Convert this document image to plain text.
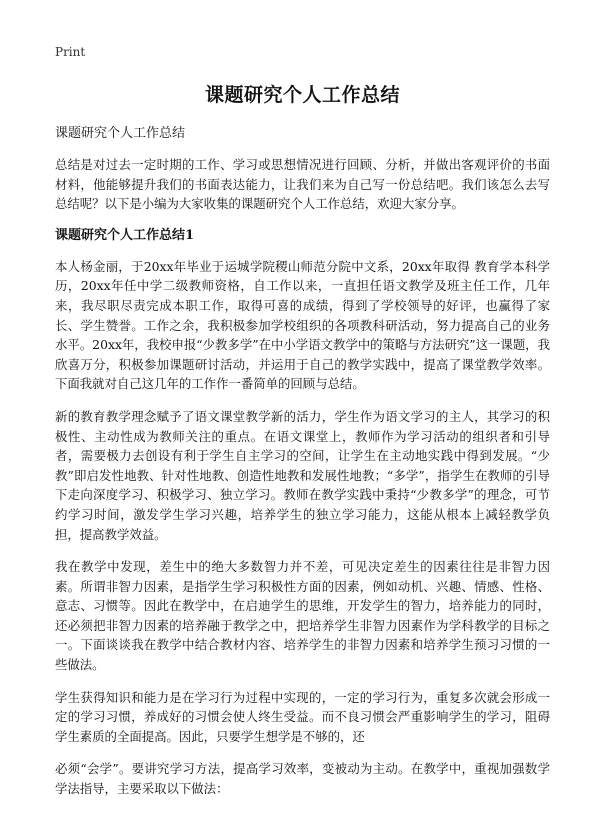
Print
课题研究个人工作总结
课题研究个人工作总结

总结是对过去一定时期的工作、学习或思想情况进行回顾、分析，并做出客观评价的书面材料，他能够提升我们的书面表达能力，让我们来为自己写一份总结吧。我们该怎么去写总结呢？以下是小编为大家收集的课题研究个人工作总结，欢迎大家分享。

课题研究个人工作总结1

本人杨金丽，于20xx年毕业于运城学院稷山师范分院中文系，20xx年取得 教育学本科学历，20xx年任中学二级教师资格，自工作以来，一直担任语文教学及班主任工作，几年来，我尽职尽责完成本职工作，取得可喜的成绩，得到了学校领导的好评，也赢得了家长、学生赞誉。工作之余，我积极参加学校组织的各项教科研活动，努力提高自己的业务水平。20xx年，我校申报“少教多学”在中小学语文教学中的策略与方法研究”这一课题，我欣喜万分，积极参加课题研讨活动，并运用于自己的教学实践中，提高了课堂教学效率。下面我就对自己这几年的工作作一番简单的回顾与总结。

新的教育教学理念赋予了语文课堂教学新的活力，学生作为语文学习的主人，其学习的积极性、主动性成为教师关注的重点。在语文课堂上，教师作为学习活动的组织者和引导者，需要极力去创设有利于学生自主学习的空间，让学生在主动地实践中得到发展。“少教”即启发性地教、针对性地教、创造性地教和发展性地教；“多学”，指学生在教师的引导下走向深度学习、积极学习、独立学习。教师在教学实践中秉持“少教多学”的理念，可节约学习时间，激发学生学习兴趣，培养学生的独立学习能力，这能从根本上减轻教学负担，提高教学效益。

我在教学中发现，差生中的绝大多数智力并不差，可见决定差生的因素往往是非智力因素。所谓非智力因素，是指学生学习积极性方面的因素，例如动机、兴趣、情感、性格、意志、习惯等。因此在教学中，在启迪学生的思维，开发学生的智力，培养能力的同时，还必须把非智力因素的培养融于教学之中，把培养学生非智力因素作为学科教学的目标之一。下面谈谈我在教学中结合教材内容、培养学生的非智力因素和培养学生预习习惯的一些做法。

学生获得知识和能力是在学习行为过程中实现的，一定的学习行为，重复多次就会形成一定的学习习惯，养成好的习惯会使人终生受益。而不良习惯会严重影响学生的学习，阻碍学生素质的全面提高。因此，只要学生想学是不够的，还

必须“会学”。要讲究学习方法，提高学习效率，变被动为主动。在教学中，重视加强数学学法指导，主要采取以下做法：
